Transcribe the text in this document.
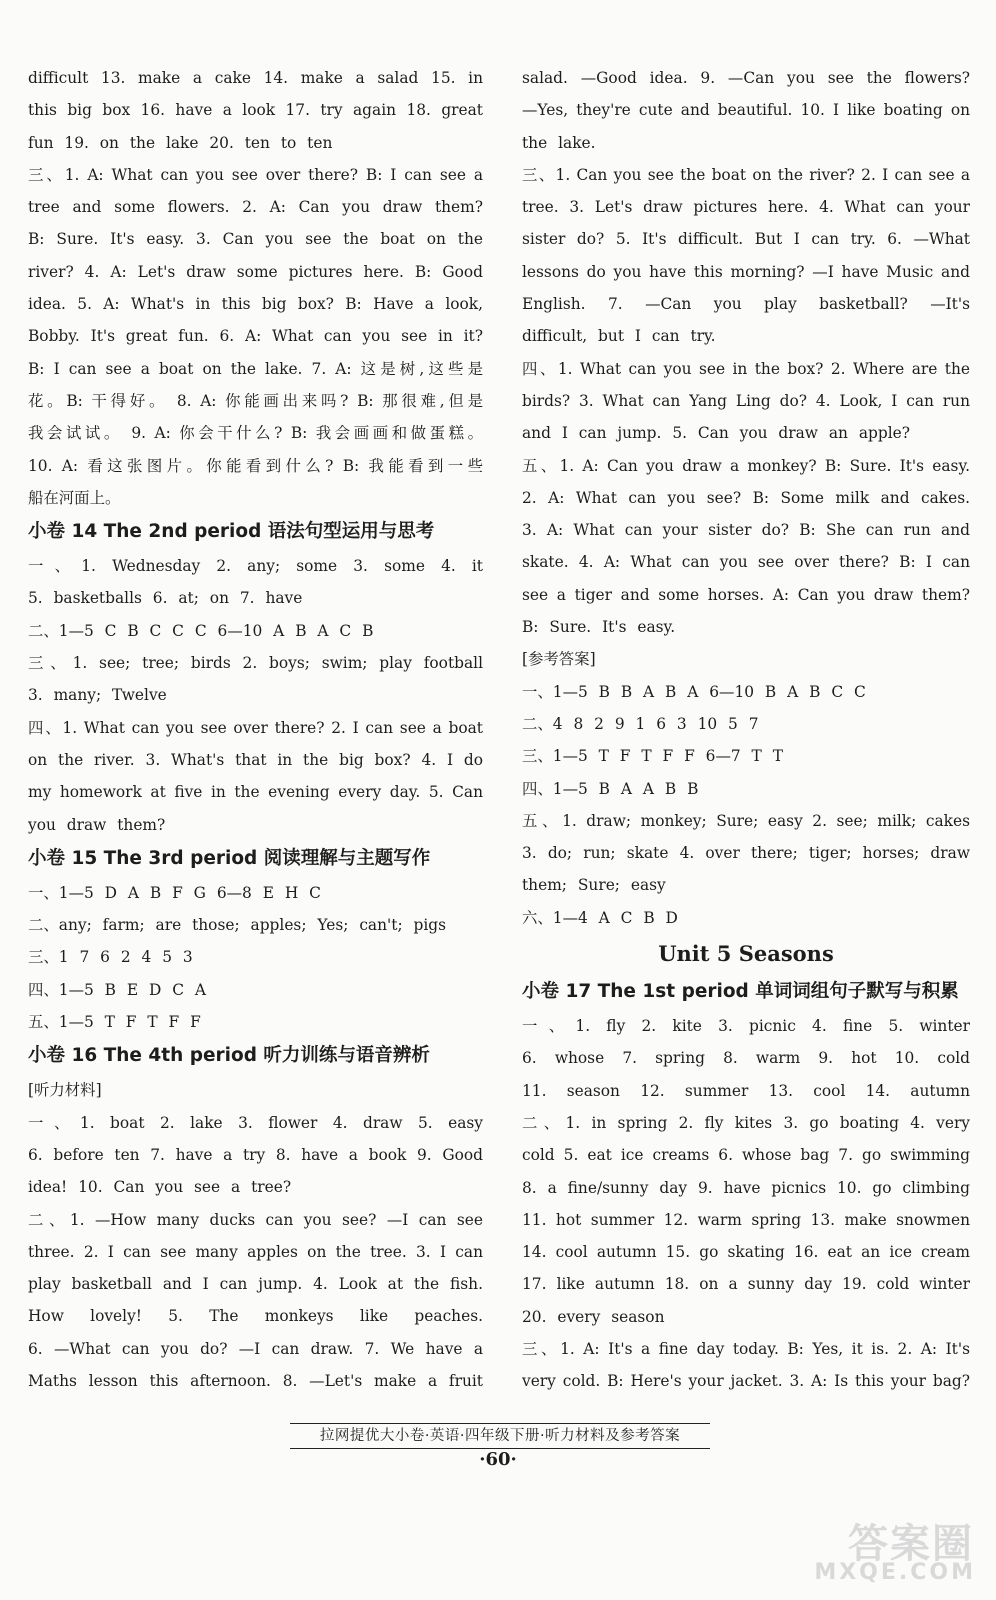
difficult 13. make a cake 14. make a salad 15. in
this big box 16. have a look 17. try again 18. great
fun 19. on the lake 20. ten to ten
三、1. A: What can you see over there? B: I can see a
tree and some flowers. 2. A: Can you draw them?
B: Sure. It's easy. 3. Can you see the boat on the
river? 4. A: Let's draw some pictures here. B: Good
idea. 5. A: What's in this big box? B: Have a look,
Bobby. It's great fun. 6. A: What can you see in it?
B: I can see a boat on the lake. 7. A: 这是树,这些是
花。B: 干得好。 8. A: 你能画出来吗? B: 那很难,但是
我会试试。 9. A: 你会干什么? B: 我会画画和做蛋糕。
10. A: 看这张图片。你能看到什么? B: 我能看到一些
船在河面上。
小卷 14 The 2nd period 语法句型运用与思考
一、1. Wednesday 2. any; some 3. some 4. it
5. basketballs 6. at; on 7. have
二、1—5 C B C C C 6—10 A B A C B
三、1. see; tree; birds 2. boys; swim; play football
3. many; Twelve
四、1. What can you see over there? 2. I can see a boat
on the river. 3. What's that in the big box? 4. I do
my homework at five in the evening every day. 5. Can
you draw them?
小卷 15 The 3rd period 阅读理解与主题写作
一、1—5 D A B F G 6—8 E H C
二、any; farm; are those; apples; Yes; can't; pigs
三、1 7 6 2 4 5 3
四、1—5 B E D C A
五、1—5 T F T F F
小卷 16 The 4th period 听力训练与语音辨析
[听力材料]
一、1. boat 2. lake 3. flower 4. draw 5. easy
6. before ten 7. have a try 8. have a book 9. Good
idea! 10. Can you see a tree?
二、1. —How many ducks can you see? —I can see
three. 2. I can see many apples on the tree. 3. I can
play basketball and I can jump. 4. Look at the fish.
How lovely! 5. The monkeys like peaches.
6. —What can you do? —I can draw. 7. We have a
Maths lesson this afternoon. 8. —Let's make a fruit
salad. —Good idea. 9. —Can you see the flowers?
—Yes, they're cute and beautiful. 10. I like boating on
the lake.
三、1. Can you see the boat on the river? 2. I can see a
tree. 3. Let's draw pictures here. 4. What can your
sister do? 5. It's difficult. But I can try. 6. —What
lessons do you have this morning? —I have Music and
English. 7. —Can you play basketball? —It's
difficult, but I can try.
四、1. What can you see in the box? 2. Where are the
birds? 3. What can Yang Ling do? 4. Look, I can run
and I can jump. 5. Can you draw an apple?
五、1. A: Can you draw a monkey? B: Sure. It's easy.
2. A: What can you see? B: Some milk and cakes.
3. A: What can your sister do? B: She can run and
skate. 4. A: What can you see over there? B: I can
see a tiger and some horses. A: Can you draw them?
B: Sure. It's easy.
[参考答案]
一、1—5 B B A B A 6—10 B A B C C
二、4 8 2 9 1 6 3 10 5 7
三、1—5 T F T F F 6—7 T T
四、1—5 B A A B B
五、1. draw; monkey; Sure; easy 2. see; milk; cakes
3. do; run; skate 4. over there; tiger; horses; draw
them; Sure; easy
六、1—4 A C B D
Unit 5 Seasons
小卷 17 The 1st period 单词词组句子默写与积累
一、1. fly 2. kite 3. picnic 4. fine 5. winter
6. whose 7. spring 8. warm 9. hot 10. cold
11. season 12. summer 13. cool 14. autumn
二、1. in spring 2. fly kites 3. go boating 4. very
cold 5. eat ice creams 6. whose bag 7. go swimming
8. a fine/sunny day 9. have picnics 10. go climbing
11. hot summer 12. warm spring 13. make snowmen
14. cool autumn 15. go skating 16. eat an ice cream
17. like autumn 18. on a sunny day 19. cold winter
20. every season
三、1. A: It's a fine day today. B: Yes, it is. 2. A: It's
very cold. B: Here's your jacket. 3. A: Is this your bag?
拉网提优大小卷·英语·四年级下册·听力材料及参考答案
·60·
答案圈
MXQE.COM
